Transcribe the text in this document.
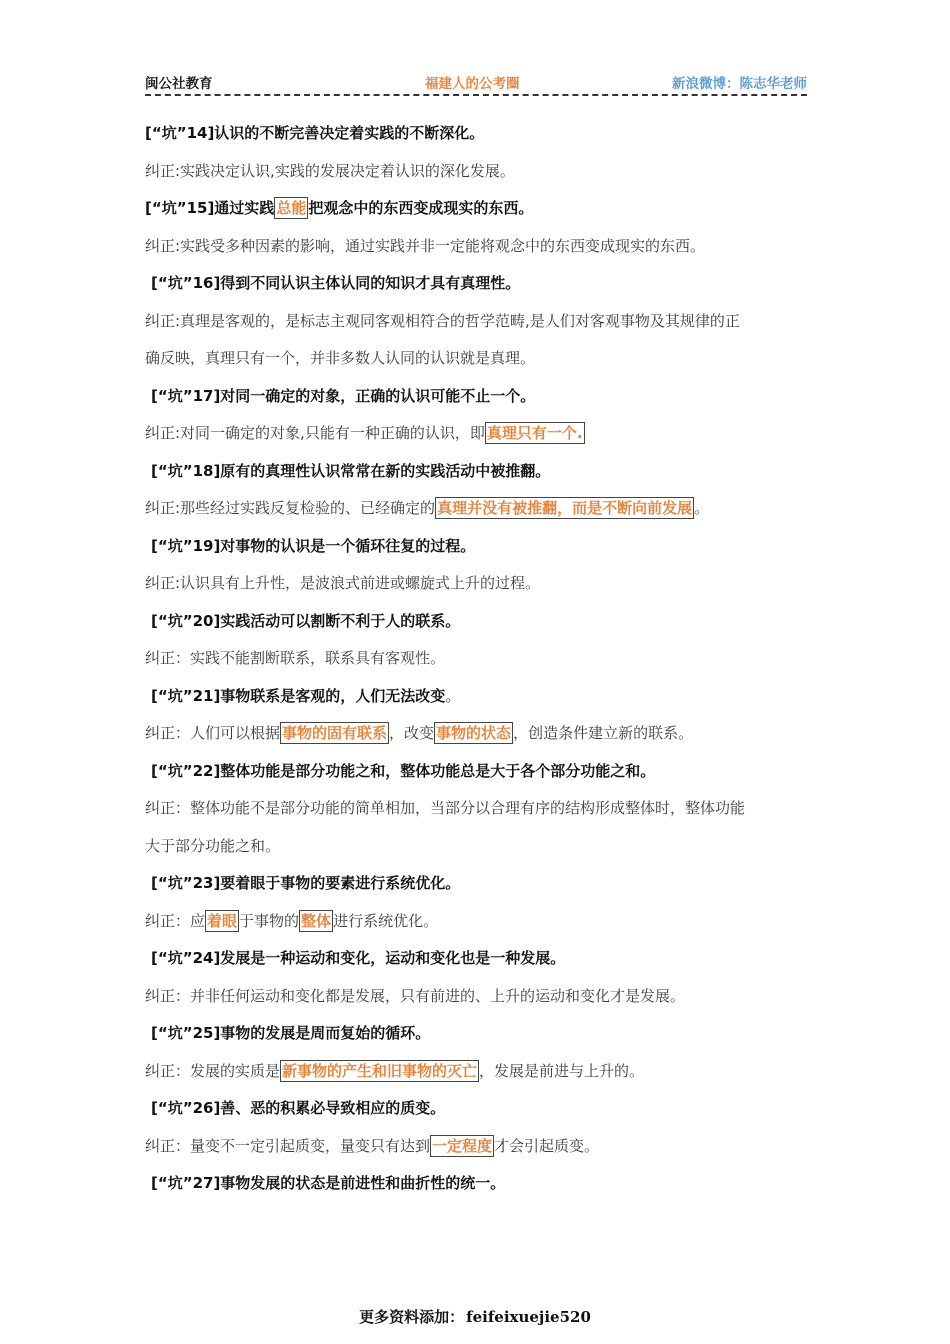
闽公社教育	福建人的公考圈	新浪微博：陈志华老师
[“坑”14]认识的不断完善决定着实践的不断深化。
纠正:实践决定认识,实践的发展决定着认识的深化发展。
[“坑”15]通过实践 总能 把观念中的东西变成现实的东西。
纠正:实践受多种因素的影响，通过实践并非一定能将观念中的东西变成现实的东西。
[“坑”16]得到不同认识主体认同的知识才具有真理性。
纠正:真理是客观的，是标志主观同客观相符合的哲学范畴,是人们对客观事物及其规律的正
确反映，真理只有一个，并非多数人认同的认识就是真理。
[“坑”17]对同一确定的对象，正确的认识可能不止一个。
纠正:对同一确定的对象,只能有一种正确的认识，即 真理只有一个.
[“坑”18]原有的真理性认识常常在新的实践活动中被推翻。
纠正:那些经过实践反复检验的、已经确定的 真理并没有被推翻，而是不断向前发展 。
[“坑”19]对事物的认识是一个循环往复的过程。
纠正:认识具有上升性，是波浪式前进或螺旋式上升的过程。
[“坑”20]实践活动可以割断不利于人的联系。
纠正：实践不能割断联系，联系具有客观性。
[“坑”21]事物联系是客观的，人们无法改变。
纠正：人们可以根据 事物的固有联系 ，改变 事物的状态 ，创造条件建立新的联系。
[“坑”22]整体功能是部分功能之和，整体功能总是大于各个部分功能之和。
纠正：整体功能不是部分功能的简单相加，当部分以合理有序的结构形成整体时，整体功能
大于部分功能之和。
[“坑”23]要着眼于事物的要素进行系统优化。
纠正：应 着眼 于事物的 整体 进行系统优化。
[“坑”24]发展是一种运动和变化，运动和变化也是一种发展。
纠正：并非任何运动和变化都是发展，只有前进的、上升的运动和变化才是发展。
[“坑”25]事物的发展是周而复始的循环。
纠正：发展的实质是 新事物的产生和旧事物的灭亡 ，发展是前进与上升的。
[“坑”26]善、恶的积累必导致相应的质变。
纠正：量变不一定引起质变，量变只有达到 一定程度 才会引起质变。
[“坑”27]事物发展的状态是前进性和曲折性的统一。
更多资料添加： feifeixuejie520
